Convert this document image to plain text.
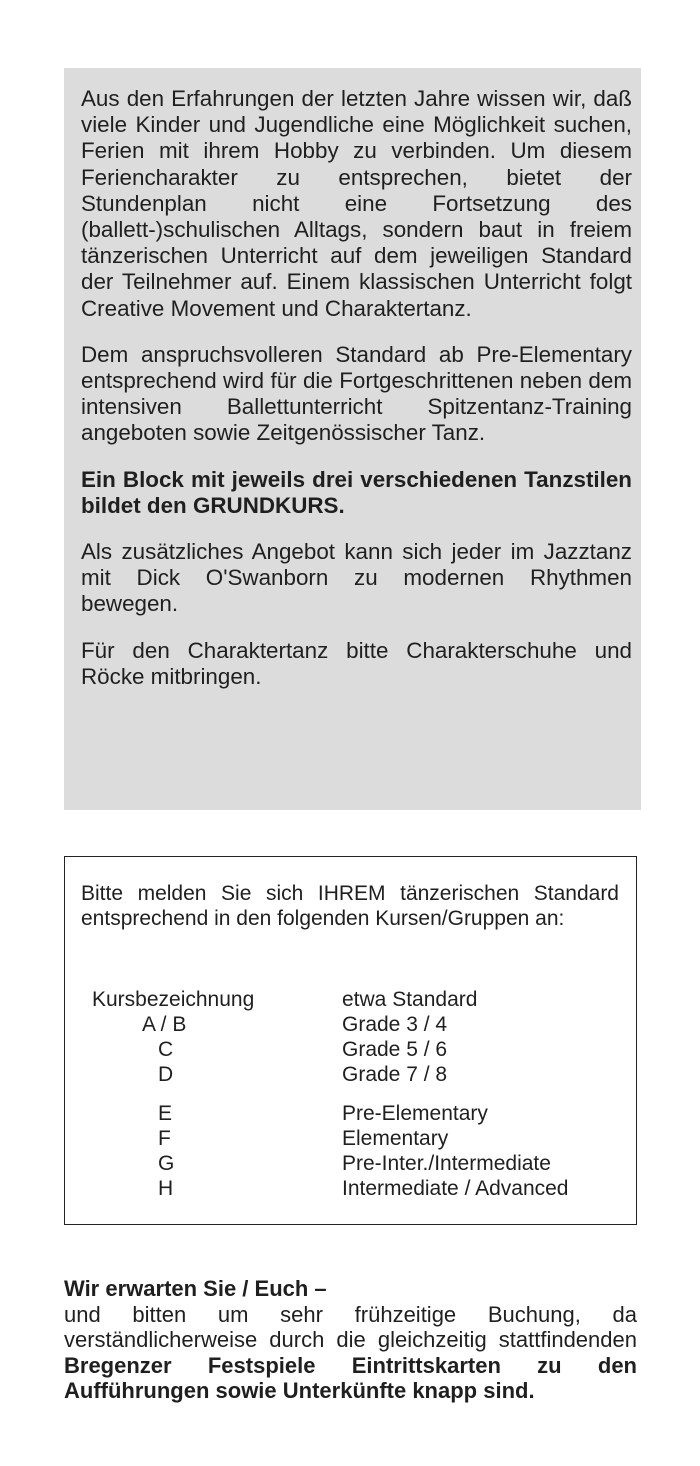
Aus den Erfahrungen der letzten Jahre wissen wir, daß viele Kinder und Jugendliche eine Möglichkeit suchen, Ferien mit ihrem Hobby zu verbinden. Um diesem Feriencharakter zu entsprechen, bietet der Stundenplan nicht eine Fortsetzung des (ballett-)schulischen Alltags, sondern baut in freiem tänzerischen Unterricht auf dem jeweiligen Standard der Teilnehmer auf. Einem klassischen Unterricht folgt Creative Movement und Charaktertanz.

Dem anspruchsvolleren Standard ab Pre-Elementary entsprechend wird für die Fortgeschrittenen neben dem intensiven Ballettunterricht Spitzentanz-Training angeboten sowie Zeitgenössischer Tanz.

Ein Block mit jeweils drei verschiedenen Tanzstilen bildet den GRUNDKURS.

Als zusätzliches Angebot kann sich jeder im Jazztanz mit Dick O'Swanborn zu modernen Rhythmen bewegen.

Für den Charaktertanz bitte Charakterschuhe und Röcke mitbringen.

Bitte melden Sie sich IHREM tänzerischen Standard entsprechend in den folgenden Kursen/Gruppen an:
Kursbezeichnung	etwa Standard
A / B	Grade 3 / 4
C	Grade 5 / 6
D	Grade 7 / 8
E	Pre-Elementary
F	Elementary
G	Pre-Inter./Intermediate
H	Intermediate / Advanced
Wir erwarten Sie / Euch –
und bitten um sehr frühzeitige Buchung, da verständlicherweise durch die gleichzeitig stattfindenden Bregenzer Festspiele Eintrittskarten zu den Aufführungen sowie Unterkünfte knapp sind.
